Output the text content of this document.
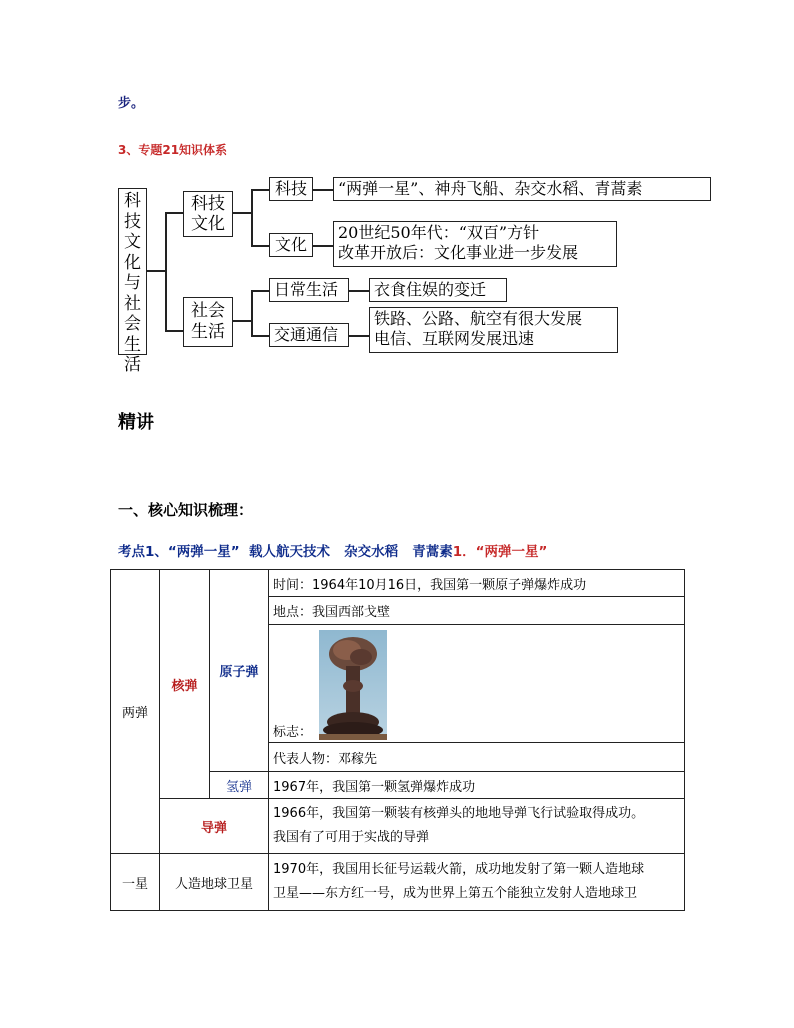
步。
3、专题21知识体系
科技文化与社会生活
科技文化
科技	“两弹一星”、神舟飞船、杂交水稻、青蒿素
文化
20世纪50年代：“双百”方针
改革开放后：文化事业进一步发展
社会生活
日常生活	衣食住娱的变迁
交通通信
铁路、公路、航空有很大发展
电信、互联网发展迅速
精讲
一、核心知识梳理：
考点1、“两弹一星”  载人航天技术   杂交水稻   青蒿素1．“两弹一星”
两弹	核弹	原子弹	时间：1964年10月16日，我国第一颗原子弹爆炸成功
			地点：我国西部戈壁

			标志：

			代表人物：邓稼先
		氢弹	1967年，我国第一颗氢弹爆炸成功
	导弹		1966年，我国第一颗装有核弹头的地地导弹飞行试验取得成功。
我国有了可用于实战的导弹

一星	人造地球卫星		1970年，我国用长征号运载火箭，成功地发射了第一颗人造地球
卫星——东方红一号，成为世界上第五个能独立发射人造地球卫
